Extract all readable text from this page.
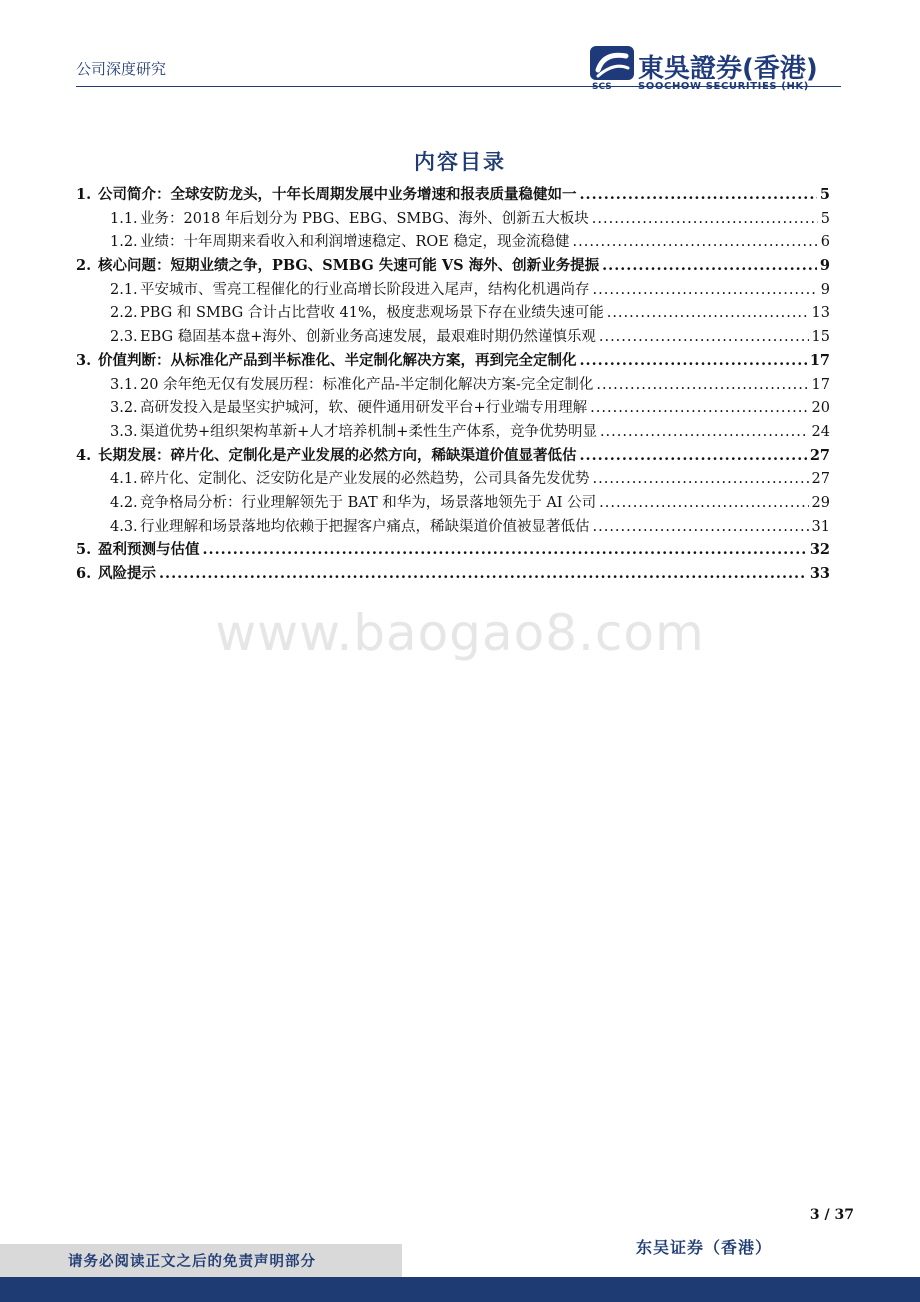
公司深度研究	東吳證券(香港)
SOOCHOW SECURITIES (HK)
SCS
内容目录
1. 公司简介：全球安防龙头，十年长周期发展中业务增速和报表质量稳健如一 .....	5
1.1. 业务：2018 年后划分为 PBG、EBG、SMBG、海外、创新五大板块 .....	5
1.2. 业绩：十年周期来看收入和利润增速稳定、ROE 稳定，现金流稳健 .....	6
2. 核心问题：短期业绩之争，PBG、SMBG 失速可能 VS 海外、创新业务提振 .....	9
2.1. 平安城市、雪亮工程催化的行业高增长阶段进入尾声，结构化机遇尚存 .....	9
2.2. PBG 和 SMBG 合计占比营收 41%，极度悲观场景下存在业绩失速可能 .....	13
2.3. EBG 稳固基本盘+海外、创新业务高速发展，最艰难时期仍然谨慎乐观 .....	15
3. 价值判断：从标准化产品到半标准化、半定制化解决方案，再到完全定制化 .....	17
3.1. 20 余年绝无仅有发展历程：标准化产品-半定制化解决方案-完全定制化 .....	17
3.2. 高研发投入是最坚实护城河，软、硬件通用研发平台+行业端专用理解 .....	20
3.3. 渠道优势+组织架构革新+人才培养机制+柔性生产体系，竞争优势明显 .....	24
4. 长期发展：碎片化、定制化是产业发展的必然方向，稀缺渠道价值显著低估 .....	27
4.1. 碎片化、定制化、泛安防化是产业发展的必然趋势，公司具备先发优势 .....	27
4.2. 竞争格局分析：行业理解领先于 BAT 和华为，场景落地领先于 AI 公司 .....	29
4.3. 行业理解和场景落地均依赖于把握客户痛点，稀缺渠道价值被显著低估 .....	31
5. 盈利预测与估值 .....	32
6. 风险提示 .....	33
www.baogao8.com
3 / 37
请务必阅读正文之后的免责声明部分
东吴证券（香港）
